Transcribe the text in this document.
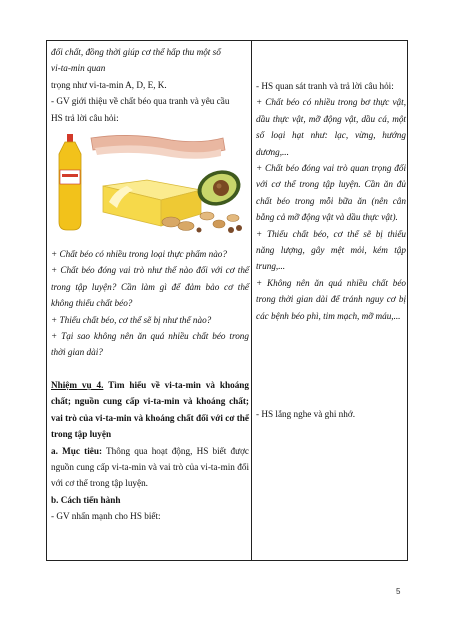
đổi chất, đồng thời giúp cơ thể hấp thu một số
vi-ta-min quan
trọng như vi-ta-min A, D, E, K.
- GV giới thiệu về chất béo qua tranh và yêu cầu
HS trả lời câu hỏi:
+ Chất béo có nhiều trong loại thực phẩm nào?
+ Chất béo đóng vai trò như thế nào đối với cơ thể trong tập luyện? Cần làm gì để đảm bảo cơ thể không thiếu chất béo?
+ Thiếu chất béo, cơ thể sẽ bị như thế nào?
+ Tại sao không nên ăn quá nhiều chất béo trong thời gian dài?
Nhiệm vụ 4. Tìm hiểu về vi-ta-min và khoáng chất; nguồn cung cấp vi-ta-min và khoáng chất; vai trò của vi-ta-min và khoáng chất đối với cơ thể trong tập luyện
a. Mục tiêu: Thông qua hoạt động, HS biết được nguồn cung cấp vi-ta-min và vai trò của vi-ta-min đối với cơ thể trong tập luyện.
b. Cách tiến hành
- GV nhấn mạnh cho HS biết:
- HS quan sát tranh và trả lời câu hỏi:
+ Chất béo có nhiều trong bơ thực vật, dầu thực vật, mỡ động vật, dầu cá, một số loại hạt như: lạc, vừng, hướng dương,...
+ Chất béo đóng vai trò quan trọng đối với cơ thể trong tập luyện. Cần ăn đủ chất béo trong mỗi bữa ăn (nên cân bằng cả mỡ động vật và dầu thực vật).
+ Thiếu chất béo, cơ thể sẽ bị thiếu năng lượng, gây mệt mỏi, kém tập trung,...
+ Không nên ăn quá nhiều chất béo trong thời gian dài để tránh nguy cơ bị các bệnh béo phì, tim mạch, mỡ máu,...
- HS lắng nghe và ghi nhớ.
5
